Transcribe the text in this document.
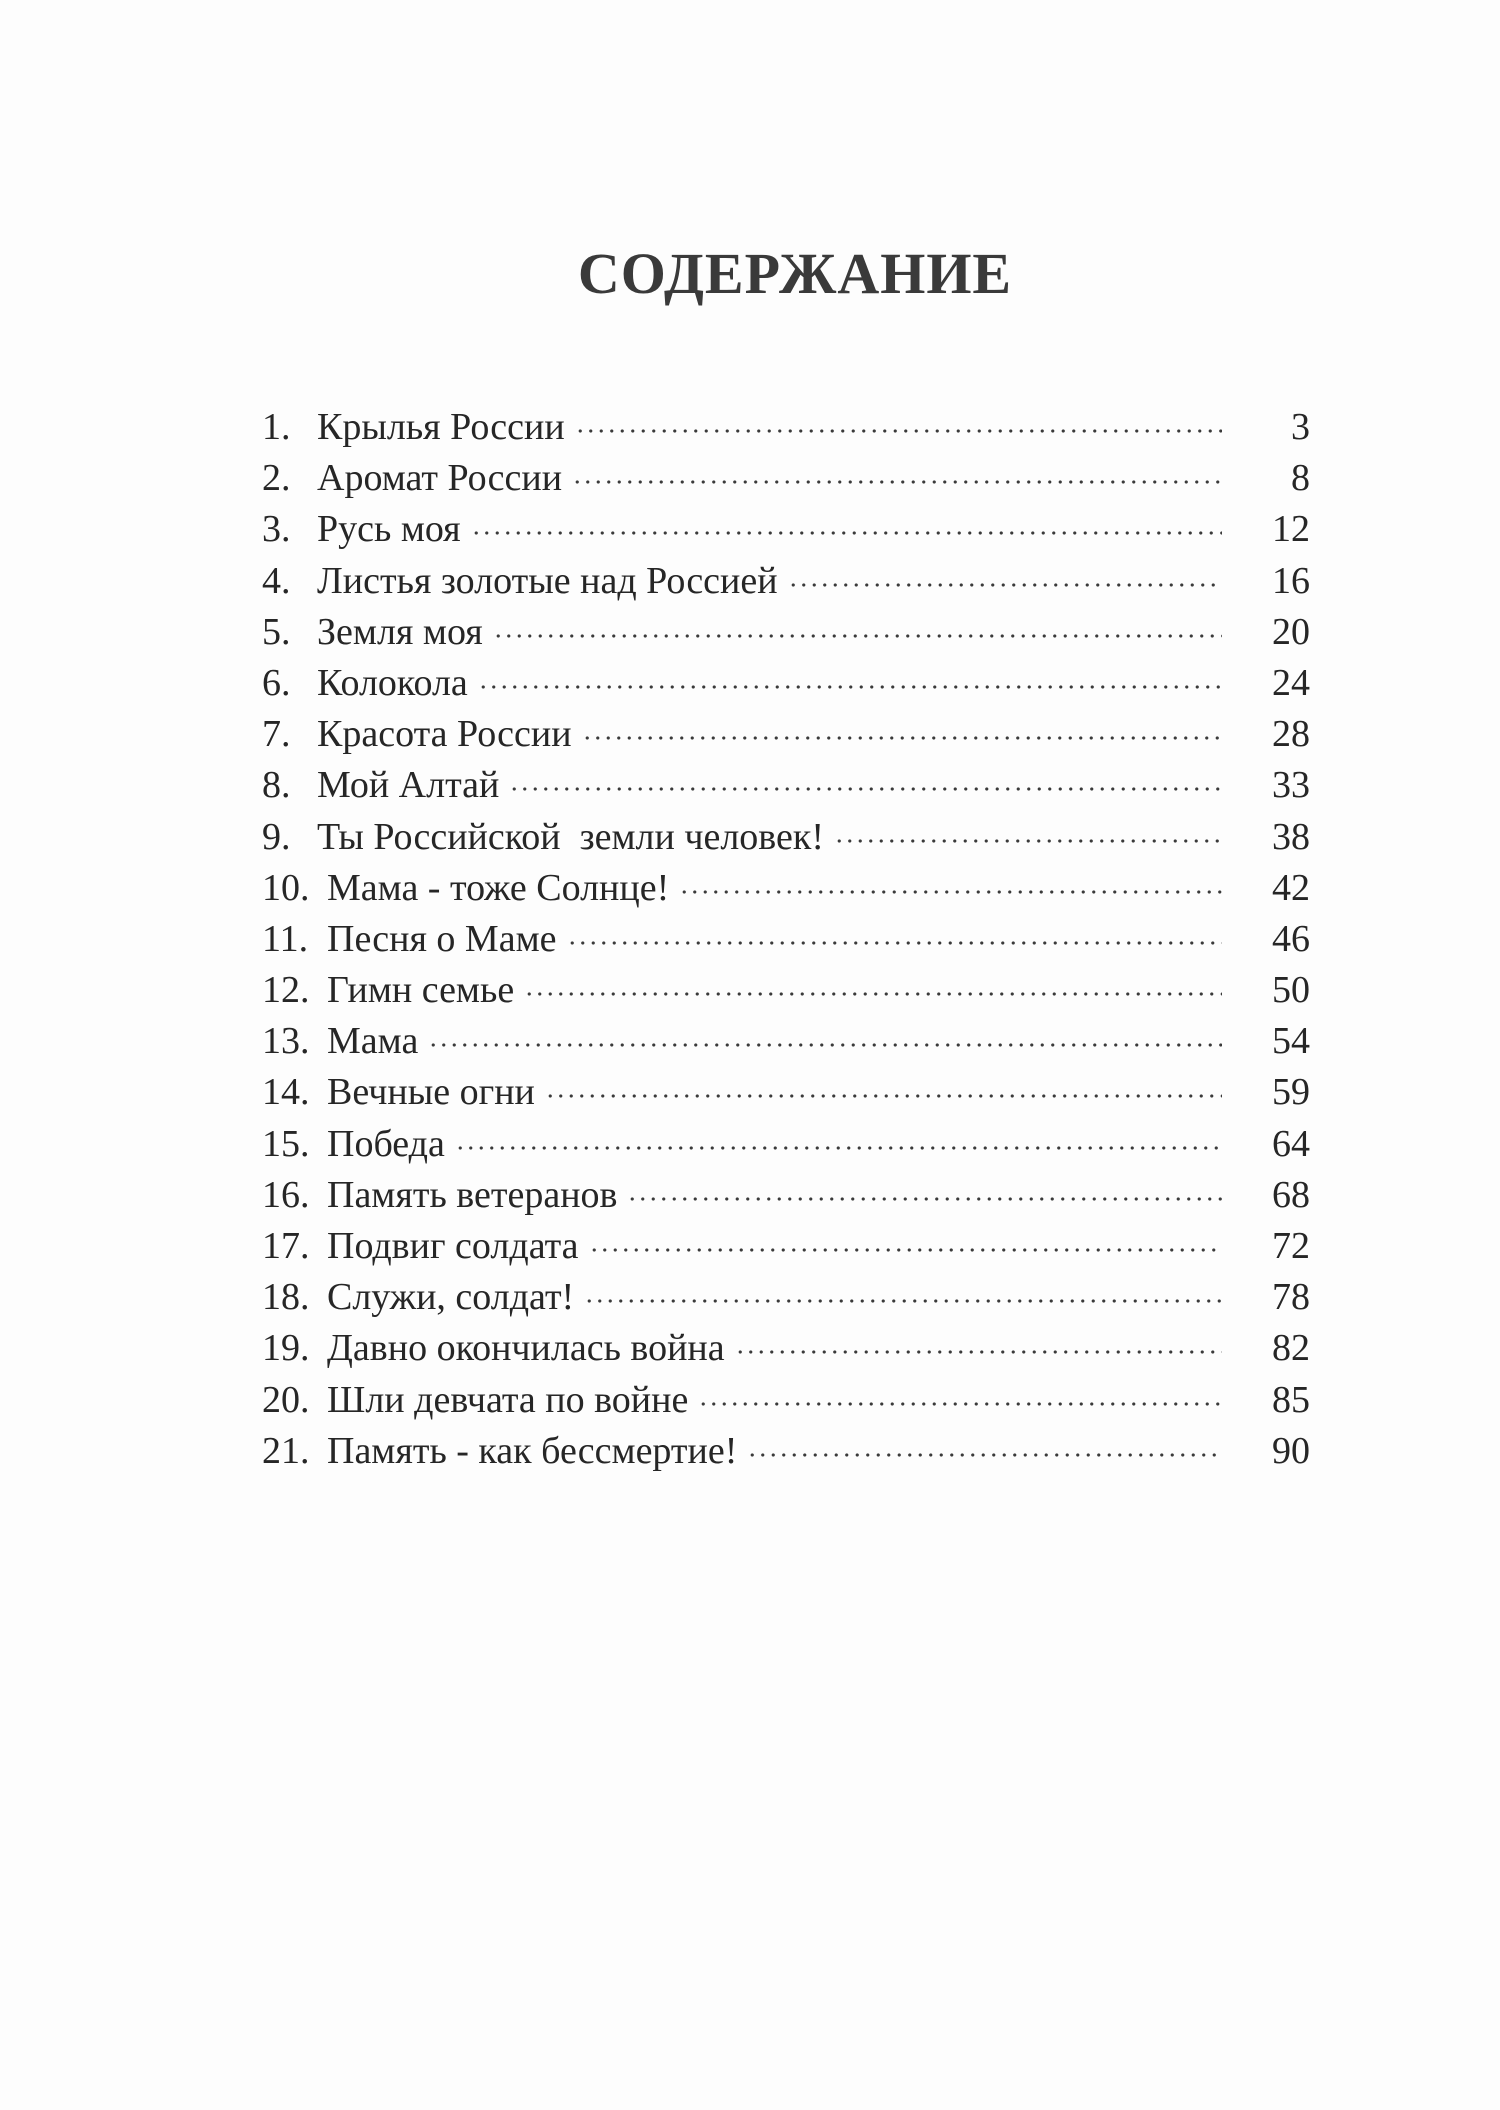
СОДЕРЖАНИЕ
1. Крылья России	3
2. Аромат России	8
3. Русь моя	12
4. Листья золотые над Россией	16
5. Земля моя	20
6. Колокола	24
7. Красота России	28
8. Мой Алтай	33
9. Ты Российской  земли человек!	38
10. Мама - тоже Солнце!	42
11. Песня о Маме	46
12. Гимн семье	50
13. Мама	54
14. Вечные огни	59
15. Победа	64
16. Память ветеранов	68
17. Подвиг солдата	72
18. Служи, солдат!	78
19. Давно окончилась война	82
20. Шли девчата по войне	85
21. Память - как бессмертие!	90
